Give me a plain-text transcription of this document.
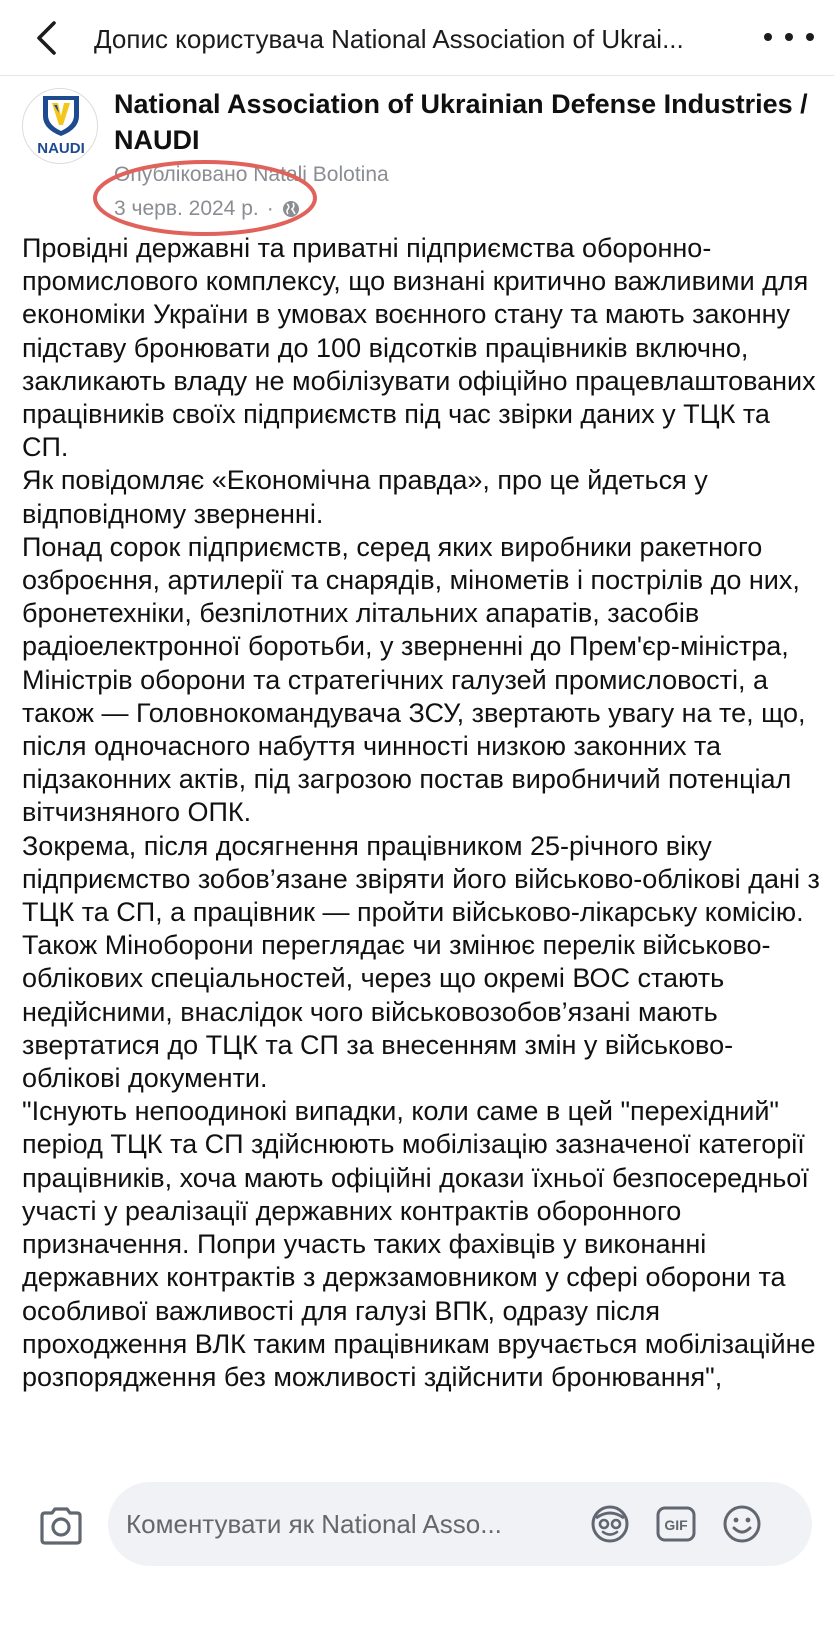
Допис користувача National Association of Ukrai...
NAUDI
National Association of Ukrainian Defense Industries / NAUDI
Опубліковано Natali Bolotina
3 черв. 2024 р. ·
Провідні державні та приватні підприємства оборонно-промислового комплексу, що визнані критично важливими для економіки України в умовах воєнного стану та мають законну підставу бронювати до 100 відсотків працівників включно, закликають владу не мобілізувати офіційно працевлаштованих працівників своїх підприємств під час звірки даних у ТЦК та СП.
Як повідомляє «Економічна правда», про це йдеться у відповідному зверненні.
Понад сорок підприємств, серед яких виробники ракетного озброєння, артилерії та снарядів, мінометів і пострілів до них, бронетехніки, безпілотних літальних апаратів, засобів радіоелектронної боротьби, у зверненні до Прем'єр-міністра, Міністрів оборони та стратегічних галузей промисловості, а також — Головнокомандувача ЗСУ, звертають увагу на те, що, після одночасного набуття чинності низкою законних та підзаконних актів, під загрозою постав виробничий потенціал вітчизняного ОПК.
Зокрема, після досягнення працівником 25-річного віку підприємство зобов’язане звіряти його військово-облікові дані з ТЦК та СП, а працівник — пройти військово-лікарську комісію. Також Міноборони переглядає чи змінює перелік військово-облікових спеціальностей, через що окремі ВОС стають недійсними, внаслідок чого військовозобов’язані мають звертатися до ТЦК та СП за внесенням змін у військово-облікові документи.
"Існують непоодинокі випадки, коли саме в цей "перехідний" період ТЦК та СП здійснюють мобілізацію зазначеної категорії працівників, хоча мають офіційні докази їхньої безпосередньої участі у реалізації державних контрактів оборонного призначення. Попри участь таких фахівців у виконанні державних контрактів з держзамовником у сфері оборони та особливої важливості для галузі ВПК, одразу після проходження ВЛК таким працівникам вручається мобілізаційне розпорядження без можливості здійснити бронювання",
Коментувати як National Asso...
GIF
